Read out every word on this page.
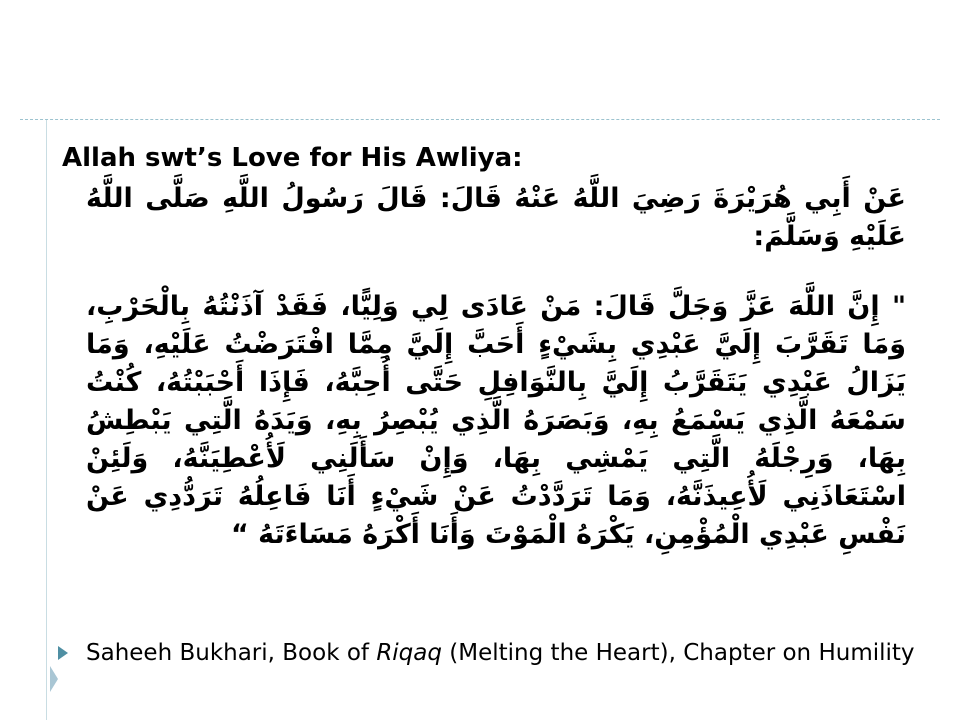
Allah swt’s Love for His Awliya:

عَنْ أَبِي هُرَيْرَةَ رَضِيَ اللَّهُ عَنْهُ قَالَ: قَالَ رَسُولُ اللَّهِ صَلَّى اللَّهُ عَلَيْهِ وَسَلَّمَ:

" إِنَّ اللَّهَ عَزَّ وَجَلَّ قَالَ: مَنْ عَادَى لِي وَلِيًّا، فَقَدْ آذَنْتُهُ بِالْحَرْبِ، وَمَا تَقَرَّبَ إِلَيَّ عَبْدِي بِشَيْءٍ أَحَبَّ إِلَيَّ مِمَّا افْتَرَضْتُ عَلَيْهِ، وَمَا يَزَالُ عَبْدِي يَتَقَرَّبُ إِلَيَّ بِالنَّوَافِلِ حَتَّى أُحِبَّهُ، فَإِذَا أَحْبَبْتُهُ، كُنْتُ سَمْعَهُ الَّذِي يَسْمَعُ بِهِ، وَبَصَرَهُ الَّذِي يُبْصِرُ بِهِ، وَيَدَهُ الَّتِي يَبْطِشُ بِهَا، وَرِجْلَهُ الَّتِي يَمْشِي بِهَا، وَإِنْ سَأَلَنِي لَأُعْطِيَنَّهُ، وَلَئِنْ اسْتَعَاذَنِي لَأُعِيذَنَّهُ، وَمَا تَرَدَّدْتُ عَنْ شَيْءٍ أَنَا فَاعِلُهُ تَرَدُّدِي عَنْ نَفْسِ عَبْدِي الْمُؤْمِنِ، يَكْرَهُ الْمَوْتَ وَأَنَا أَكْرَهُ مَسَاءَتَهُ “

Saheeh Bukhari, Book of Riqaq (Melting the Heart), Chapter on Humility
